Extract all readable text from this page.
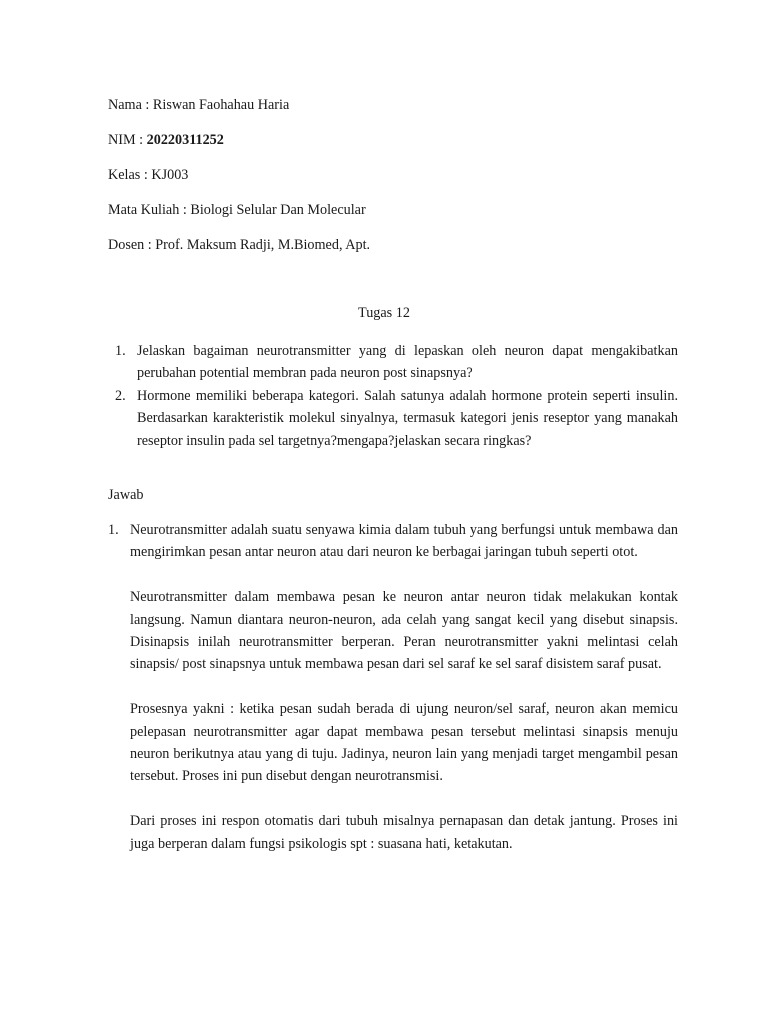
Nama : Riswan Faohahau Haria
NIM : 20220311252
Kelas : KJ003
Mata Kuliah : Biologi Selular Dan Molecular
Dosen : Prof. Maksum Radji, M.Biomed, Apt.
Tugas 12
1. Jelaskan bagaiman neurotransmitter yang di lepaskan oleh neuron dapat mengakibatkan perubahan potential membran pada neuron post sinapsnya?
2. Hormone memiliki beberapa kategori. Salah satunya adalah hormone protein seperti insulin. Berdasarkan karakteristik molekul sinyalnya, termasuk kategori jenis reseptor yang manakah reseptor insulin pada sel targetnya?mengapa?jelaskan secara ringkas?
Jawab

1. Neurotransmitter adalah suatu senyawa kimia dalam tubuh yang berfungsi untuk membawa dan mengirimkan pesan antar neuron atau dari neuron ke berbagai jaringan tubuh seperti otot.

Neurotransmitter dalam membawa pesan ke neuron antar neuron tidak melakukan kontak langsung. Namun diantara neuron-neuron, ada celah yang sangat kecil yang disebut sinapsis. Disinapsis inilah neurotransmitter berperan. Peran neurotransmitter yakni melintasi celah sinapsis/ post sinapsnya untuk membawa pesan dari sel saraf ke sel saraf disistem saraf pusat.

Prosesnya yakni : ketika pesan sudah berada di ujung neuron/sel saraf, neuron akan memicu pelepasan neurotransmitter agar dapat membawa pesan tersebut melintasi sinapsis menuju neuron berikutnya atau yang di tuju. Jadinya, neuron lain yang menjadi target mengambil pesan tersebut. Proses ini pun disebut dengan neurotransmisi.

Dari proses ini respon otomatis dari tubuh misalnya pernapasan dan detak jantung. Proses ini juga berperan dalam fungsi psikologis spt : suasana hati, ketakutan.
